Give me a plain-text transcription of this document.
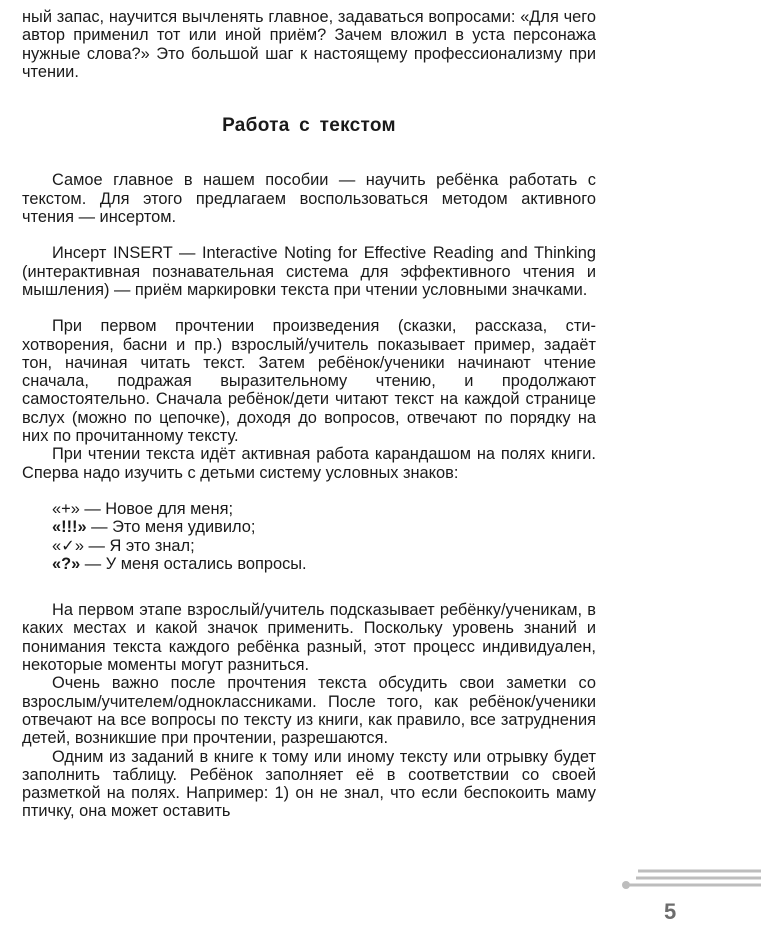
ный запас, научится вычленять главное, задаваться вопросами: «Для чего автор применил тот или иной приём? Зачем вложил в уста персонажа нужные слова?» Это большой шаг к настоящему профессионализму при чтении.

Работа с текстом

Самое главное в нашем пособии — научить ребёнка работать с текстом. Для этого предлагаем воспользоваться методом активного чтения — инсертом.

Инсерт INSERT — Interactive Noting for Effective Reading and Thinking (интерактивная познавательная система для эффективного чтения и мышления) — приём маркировки текста при чтении условными значками.

При первом прочтении произведения (сказки, рассказа, стихотворения, басни и пр.) взрослый/учитель показывает пример, задаёт тон, начиная читать текст. Затем ребёнок/ученики начинают чтение сначала, подражая выразительному чтению, и продолжают самостоятельно. Сначала ребёнок/дети читают текст на каждой странице вслух (можно по цепочке), доходя до вопросов, отвечают по порядку на них по прочитанному тексту.

При чтении текста идёт активная работа карандашом на полях книги. Сперва надо изучить с детьми систему условных знаков:

«+» — Новое для меня;
«!!!» — Это меня удивило;
«✓» — Я это знал;
«?» — У меня остались вопросы.

На первом этапе взрослый/учитель подсказывает ребёнку/ученикам, в каких местах и какой значок применить. Поскольку уровень знаний и понимания текста каждого ребёнка разный, этот процесс индивидуален, некоторые моменты могут разниться.

Очень важно после прочтения текста обсудить свои заметки со взрослым/учителем/одноклассниками. После того, как ребёнок/ученики отвечают на все вопросы по тексту из книги, как правило, все затруднения детей, возникшие при прочтении, разрешаются.

Одним из заданий в книге к тому или иному тексту или отрывку будет заполнить таблицу. Ребёнок заполняет её в соответствии со своей разметкой на полях. Например: 1) он не знал, что если беспокоить маму птичку, она может оставить

5
